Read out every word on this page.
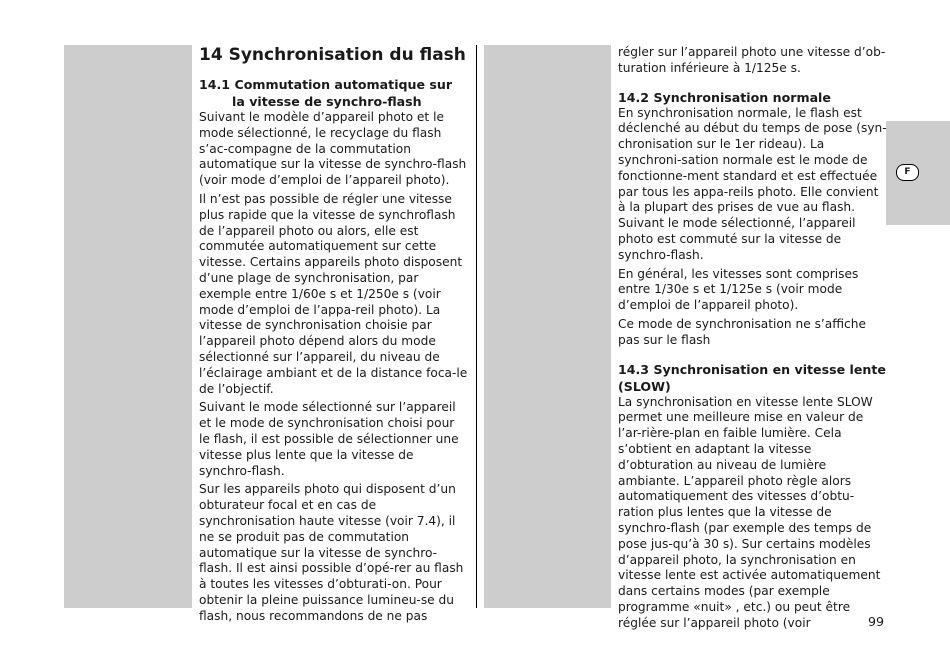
F
14 Synchronisation du flash
14.1 Commutation automatique sur la vitesse de synchro-flash

Suivant le modèle d’appareil photo et le mode sélectionné, le recyclage du flash s’ac-compagne de la commutation automatique sur la vitesse de synchro-flash (voir mode d’emploi de l’appareil photo).

Il n’est pas possible de régler une vitesse plus rapide que la vitesse de synchroflash de l’appareil photo ou alors, elle est commutée automatiquement sur cette vitesse. Certains appareils photo disposent d’une plage de synchronisation, par exemple entre 1/60e s et 1/250e s (voir mode d’emploi de l’appa-reil photo). La vitesse de synchronisation choisie par l’appareil photo dépend alors du mode sélectionné sur l’appareil, du niveau de l’éclairage ambiant et de la distance foca-le de l’objectif.

Suivant le mode sélectionné sur l’appareil et le mode de synchronisation choisi pour le flash, il est possible de sélectionner une vitesse plus lente que la vitesse de synchro-flash.

Sur les appareils photo qui disposent d’un obturateur focal et en cas de synchronisation haute vitesse (voir 7.4), il ne se produit pas de commutation automatique sur la vitesse de synchro-flash. Il est ainsi possible d’opé-rer au flash à toutes les vitesses d’obturati-on. Pour obtenir la pleine puissance lumineu-se du flash, nous recommandons de ne pas

régler sur l’appareil photo une vitesse d’ob-turation inférieure à 1/125e s.

14.2 Synchronisation normale

En synchronisation normale, le flash est déclenché au début du temps de pose (syn-chronisation sur le 1er rideau). La synchroni-sation normale est le mode de fonctionne-ment standard et est effectuée par tous les appa-reils photo. Elle convient à la plupart des prises de vue au flash. Suivant le mode sélectionné, l’appareil photo est commuté sur la vitesse de synchro-flash.

En général, les vitesses sont comprises entre 1/30e s et 1/125e s (voir mode d’emploi de l’appareil photo).

Ce mode de synchronisation ne s’affiche pas sur le flash

14.3 Synchronisation en vitesse lente (SLOW)

La synchronisation en vitesse lente SLOW permet une meilleure mise en valeur de l’ar-rière-plan en faible lumière. Cela s’obtient en adaptant la vitesse d’obturation au niveau de lumière ambiante. L’appareil photo règle alors automatiquement des vitesses d’obtu-ration plus lentes que la vitesse de synchro-flash (par exemple des temps de pose jus-qu’à 30 s). Sur certains modèles d’appareil photo, la synchronisation en vitesse lente est activée automatiquement dans certains modes (par exemple programme «nuit» , etc.) ou peut être réglée sur l’appareil photo (voir	99
